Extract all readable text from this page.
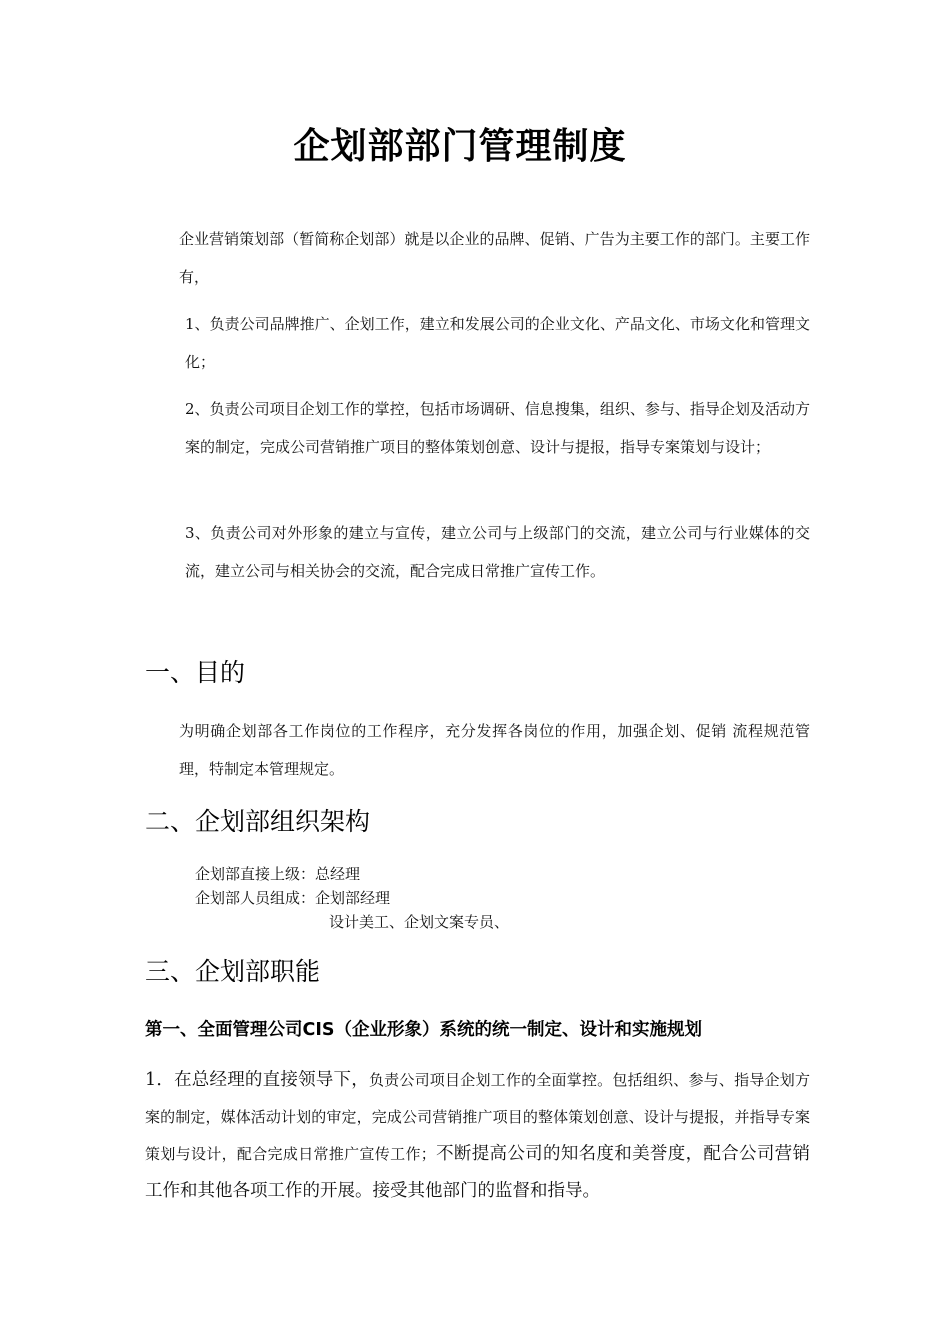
企划部部门管理制度
企业营销策划部（暂简称企划部）就是以企业的品牌、促销、广告为主要工作的部门。主要工作有，
1、负责公司品牌推广、企划工作，建立和发展公司的企业文化、产品文化、市场文化和管理文化；
2、负责公司项目企划工作的掌控，包括市场调研、信息搜集，组织、参与、指导企划及活动方案的制定，完成公司营销推广项目的整体策划创意、设计与提报，指导专案策划与设计；
3、负责公司对外形象的建立与宣传，建立公司与上级部门的交流，建立公司与行业媒体的交流，建立公司与相关协会的交流，配合完成日常推广宣传工作。
一、目的
为明确企划部各工作岗位的工作程序，充分发挥各岗位的作用，加强企划、促销 流程规范管理，特制定本管理规定。
二、企划部组织架构
企划部直接上级：总经理
企划部人员组成：企划部经理
设计美工、企划文案专员、
三、企划部职能
第一、全面管理公司CIS（企业形象）系统的统一制定、设计和实施规划
1．在总经理的直接领导下，负责公司项目企划工作的全面掌控。包括组织、参与、指导企划方案的制定，媒体活动计划的审定，完成公司营销推广项目的整体策划创意、设计与提报，并指导专案策划与设计，配合完成日常推广宣传工作；不断提高公司的知名度和美誉度，配合公司营销工作和其他各项工作的开展。接受其他部门的监督和指导。
